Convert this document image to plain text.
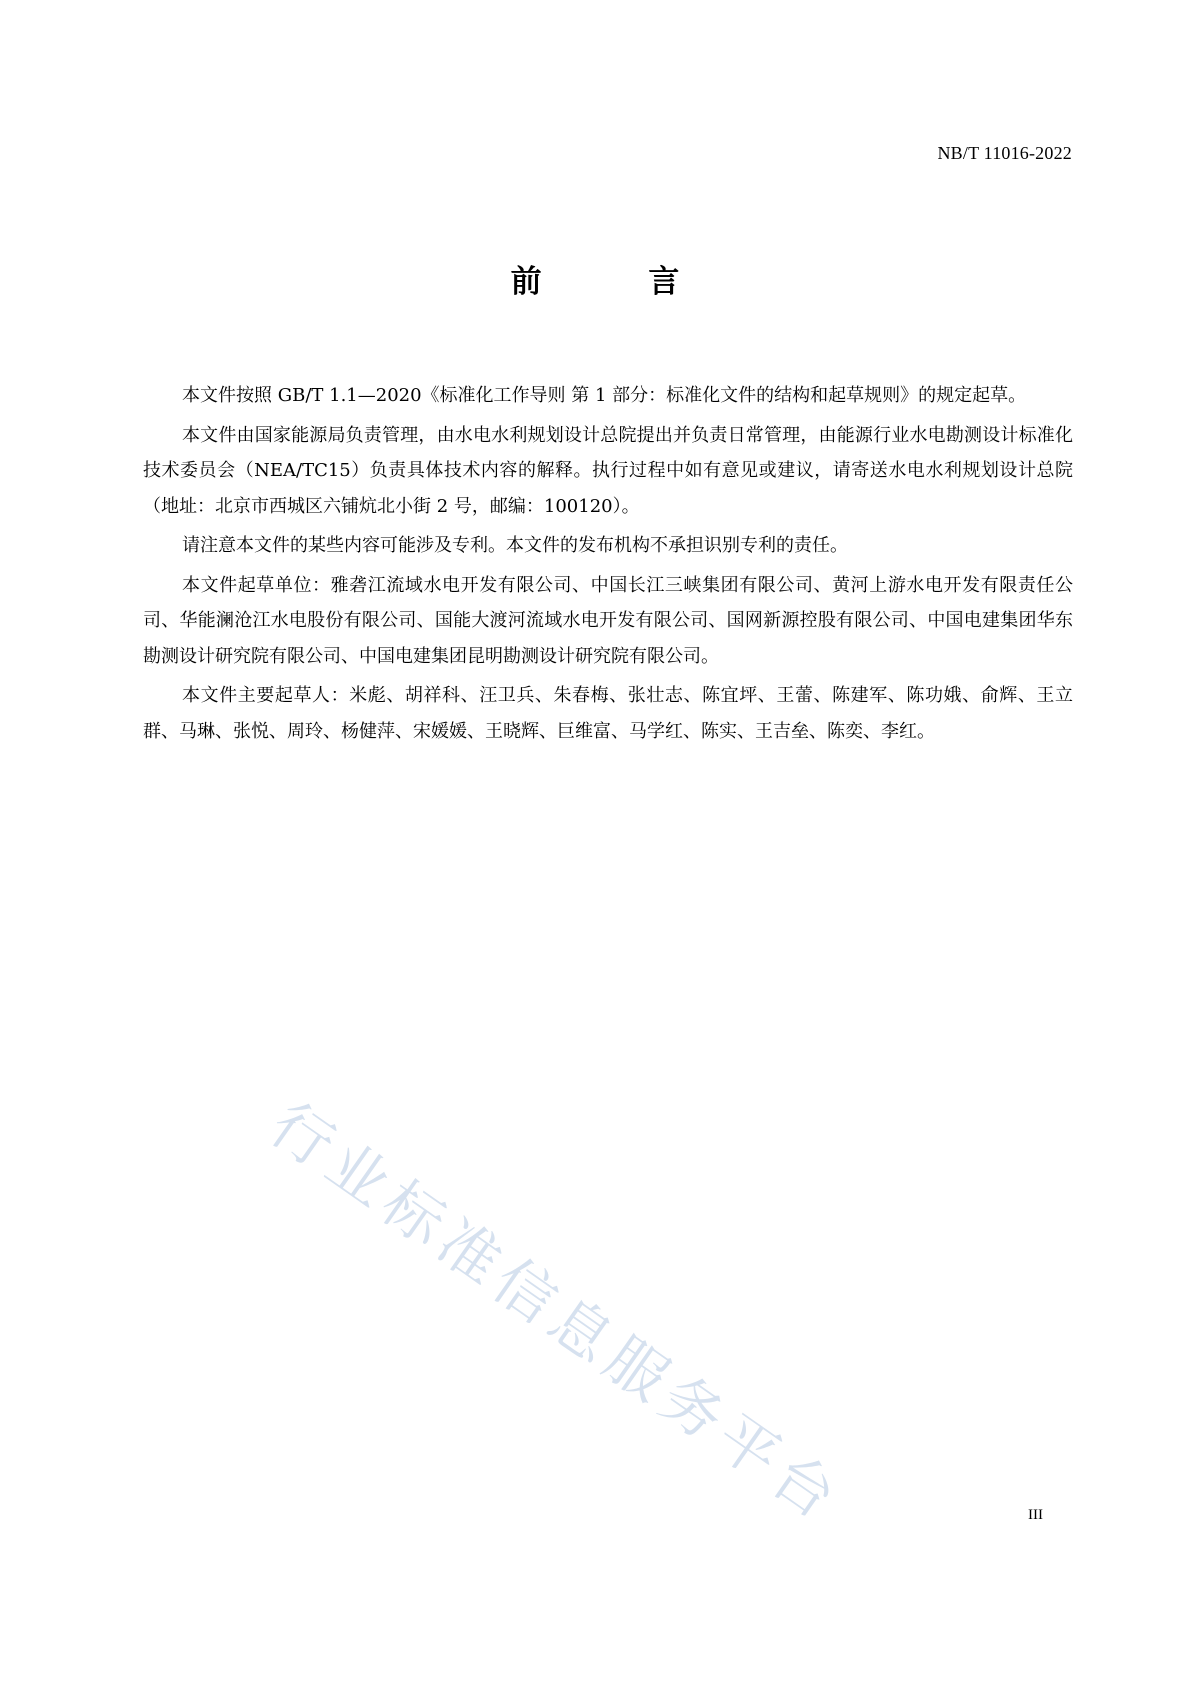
NB/T 11016-2022
前 言

本文件按照 GB/T 1.1—2020《标准化工作导则 第 1 部分：标准化文件的结构和起草规则》的规定起草。

本文件由国家能源局负责管理，由水电水利规划设计总院提出并负责日常管理，由能源行业水电勘测设计标准化技术委员会（NEA/TC15）负责具体技术内容的解释。执行过程中如有意见或建议，请寄送水电水利规划设计总院（地址：北京市西城区六铺炕北小街 2 号，邮编：100120）。

请注意本文件的某些内容可能涉及专利。本文件的发布机构不承担识别专利的责任。

本文件起草单位：雅砻江流域水电开发有限公司、中国长江三峡集团有限公司、黄河上游水电开发有限责任公司、华能澜沧江水电股份有限公司、国能大渡河流域水电开发有限公司、国网新源控股有限公司、中国电建集团华东勘测设计研究院有限公司、中国电建集团昆明勘测设计研究院有限公司。

本文件主要起草人：米彪、胡祥科、汪卫兵、朱春梅、张壮志、陈宜坪、王蕾、陈建军、陈功娥、俞辉、王立群、马琳、张悦、周玲、杨健萍、宋媛媛、王晓辉、巨维富、马学红、陈实、王吉垒、陈奕、李红。

行业标准信息服务平台	III
